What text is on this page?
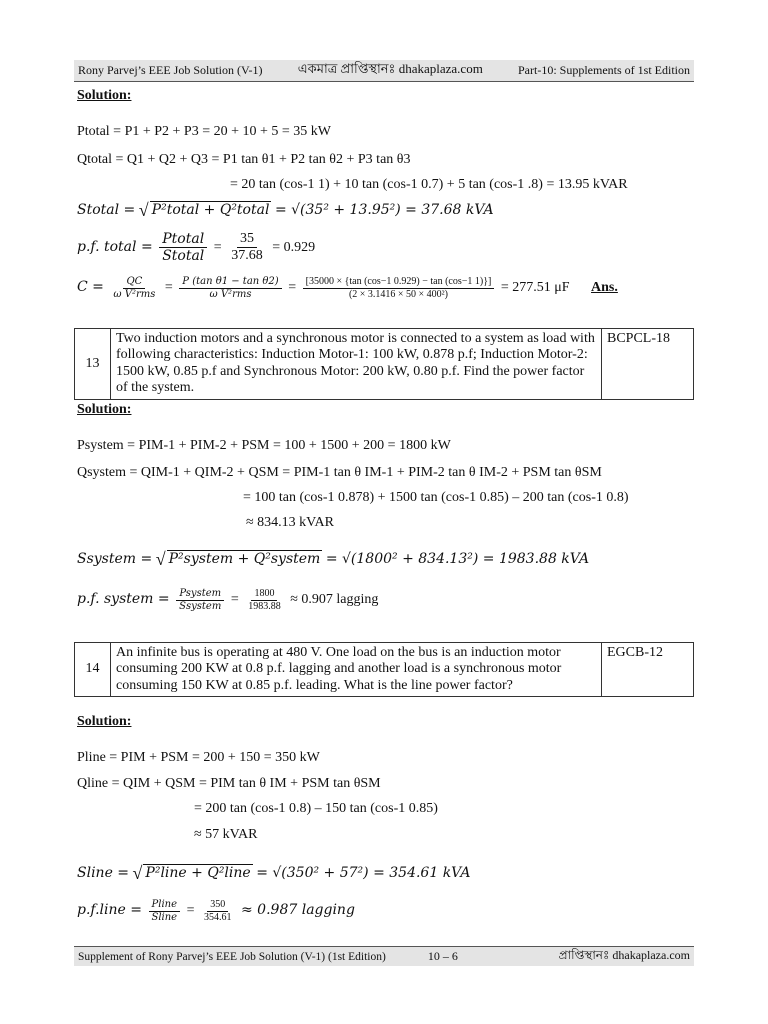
Rony Parvej’s EEE Job Solution (V-1)	একমাত্র প্রাপ্তিস্থানঃ dhakaplaza.com	Part-10: Supplements of 1st Edition
Solution:
Ptotal = P1 + P2 + P3 = 20 + 10 + 5 = 35 kW
Qtotal = Q1 + Q2 + Q3 = P1 tan θ1 + P2 tan θ2 + P3 tan θ3
= 20 tan (cos-1 1) + 10 tan (cos-1 0.7) + 5 tan (cos-1 .8) = 13.95 kVAR
Stotal = √ P²total + Q²total = √(35² + 13.95²) = 37.68 kVA
p.f. total = $\frac{\text{Ptotal}}{\text{Stotal}} = \frac{35}{37.68} = 0.929$
$C = \frac{QC}{\text{ω V²rms}} = \frac{\text{P (tan θ1 − tan θ2)}}{\text{ω V²rms}} = \frac{[35000 \times \{\tan (\cos-1 0.929) - \tan (\cos-1 1)\}]}{\text{(2 × 3.1416 × 50 × 400²)}} = 277.51$ μF Ans.
13	Two induction motors and a synchronous motor is connected to a system as load with following characteristics: Induction Motor-1: 100 kW, 0.878 p.f; Induction Motor-2: 1500 kW, 0.85 p.f and Synchronous Motor: 200 kW, 0.80 p.f. Find the power factor of the system.	BCPCL-18
Solution:
Psystem = PIM-1 + PIM-2 + PSM = 100 + 1500 + 200 = 1800 kW
Qsystem = QIM-1 + QIM-2 + QSM = PIM-1 tan θ IM-1 + PIM-2 tan θ IM-2 + PSM tan θSM
= 100 tan (cos-1 0.878) + 1500 tan (cos-1 0.85) – 200 tan (cos-1 0.8)
≈ 834.13 kVAR
Ssystem = √ P²system + Q²system = √(1800² + 834.13²) = 1983.88 kVA
p.f. system = $\frac{\text{Psystem}}{\text{Ssystem}} = \frac{1800}{1983.88} \approx 0.907$ lagging
14	An infinite bus is operating at 480 V. One load on the bus is an induction motor consuming 200 KW at 0.8 p.f. lagging and another load is a synchronous motor consuming 150 KW at 0.85 p.f. leading. What is the line power factor?	EGCB-12
Solution:
Pline = PIM + PSM = 200 + 150 = 350 kW
Qline = QIM + QSM = PIM tan θ IM + PSM tan θSM
= 200 tan (cos-1 0.8) – 150 tan (cos-1 0.85)
≈ 57 kVAR
Sline = √ P²line + Q²line = √(350² + 57²) = 354.61 kVA
p.f.line = $\frac{\text{Pline}}{\text{Sline}} = \frac{350}{354.61} \approx 0.987$ lagging
Supplement of Rony Parvej’s EEE Job Solution (V-1) (1st Edition)	10 – 6	প্রাপ্তিস্থানঃ dhakaplaza.com
